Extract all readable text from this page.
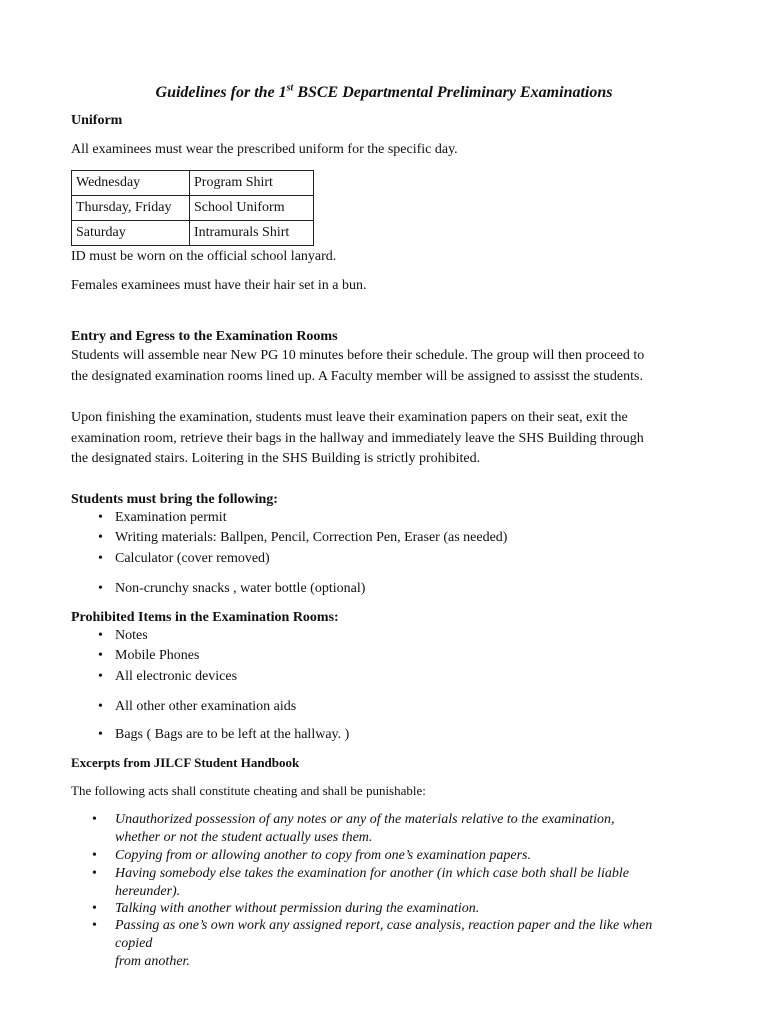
Guidelines for the 1st BSCE Departmental Preliminary Examinations
Uniform
All examinees must wear the prescribed uniform for the specific day.
Wednesday	Program Shirt
Thursday, Friday	School Uniform
Saturday	Intramurals Shirt
ID must be worn on the official school lanyard.
Females examinees must have their hair set in a bun.
Entry and Egress to the Examination Rooms
Students will assemble near New PG 10 minutes before their schedule. The group will then proceed to
the designated examination rooms lined up. A Faculty member will be assigned to assisst the students.
Upon finishing the examination, students must leave their examination papers on their seat, exit the
examination room, retrieve their bags in the hallway and immediately leave the SHS Building through
the designated stairs. Loitering in the SHS Building is strictly prohibited.
Students must bring the following:
• Examination permit
• Writing materials: Ballpen, Pencil, Correction Pen, Eraser (as needed)
• Calculator (cover removed)
• Non-crunchy snacks , water bottle (optional)
Prohibited Items in the Examination Rooms:
• Notes
• Mobile Phones
• All electronic devices
• All other other examination aids
• Bags ( Bags are to be left at the hallway. )
Excerpts from JILCF Student Handbook
The following acts shall constitute cheating and shall be punishable:
• Unauthorized possession of any notes or any of the materials relative to the examination,
whether or not the student actually uses them.
• Copying from or allowing another to copy from one’s examination papers.
• Having somebody else takes the examination for another (in which case both shall be liable
hereunder).
• Talking with another without permission during the examination.
• Passing as one’s own work any assigned report, case analysis, reaction paper and the like when copied
from another.
